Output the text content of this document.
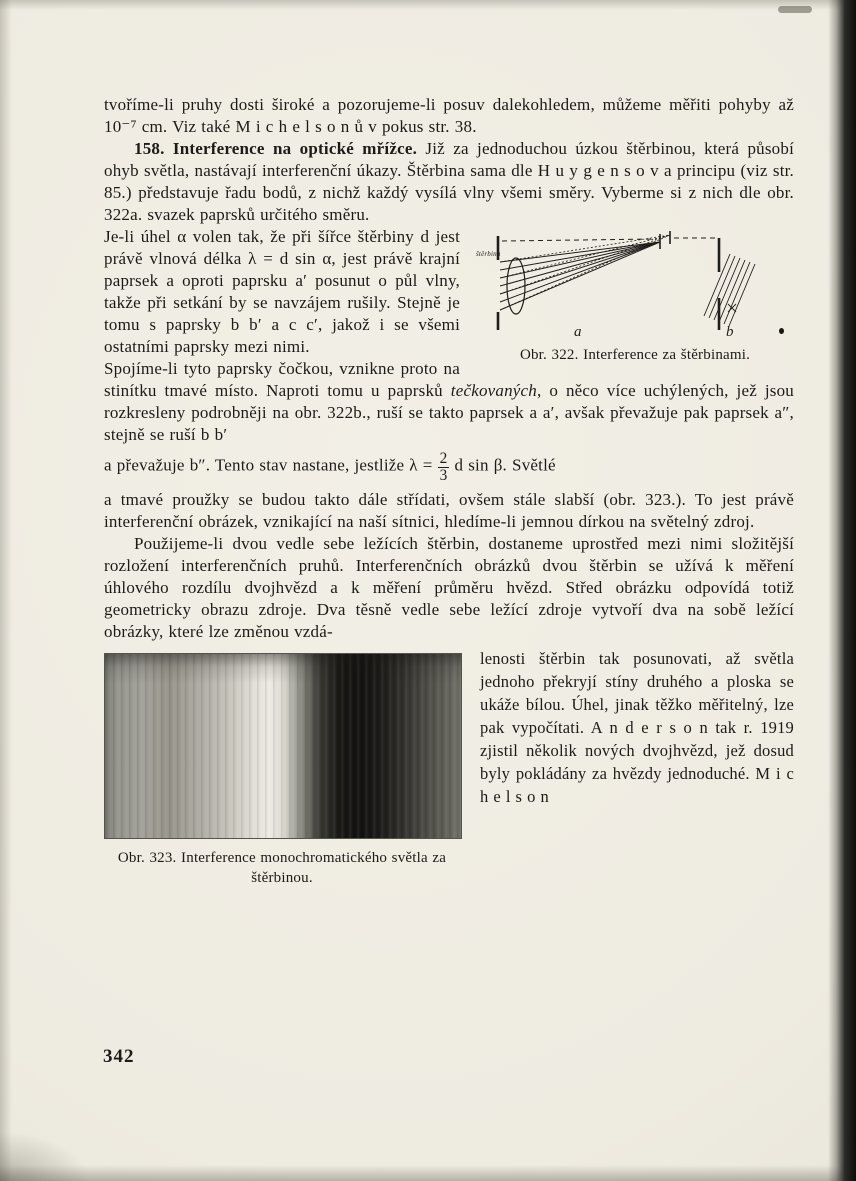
tvoříme-li pruhy dosti široké a pozorujeme-li posuv dalekohledem, můžeme měřiti pohyby až 10⁻⁷ cm. Viz také M i c h e l s o n ů v pokus str. 38.

158. Interference na optické mřížce. Již za jednoduchou úzkou štěrbinou, která působí ohyb světla, nastávají interferenční úkazy. Štěrbina sama dle H u y g e n s o v a principu (viz str. 85.) představuje řadu bodů, z nichž každý vysílá vlny všemi směry. Vyberme si z nich dle obr. 322a. svazek paprsků určitého směru.

štěrbina
a	b
Obr. 322. Interference za štěrbinami.

Je-li úhel α volen tak, že při šířce štěrbiny d jest právě vlnová délka λ = d sin α, jest právě krajní paprsek a oproti paprsku a′ posunut o půl vlny, takže při setkání by se navzájem rušily. Stejně je tomu s paprsky b b′ a c c′, jakož i se všemi ostatními paprsky mezi nimi.

Spojíme-li tyto paprsky čočkou, vznikne proto na stinítku tmavé místo. Naproti tomu u paprsků tečkovaných, o něco více uchýlených, jež jsou rozkresleny podrobněji na obr. 322b., ruší se takto paprsek a a′, avšak převažuje pak paprsek a″, stejně se ruší b b′

a převažuje b″. Tento stav nastane, jestliže $\lambda = \frac{2}{3}$ d sin β. Světlé

a tmavé proužky se budou takto dále střídati, ovšem stále slabší (obr. 323.). To jest právě interferenční obrázek, vznikající na naší sítnici, hledíme-li jemnou dírkou na světelný zdroj.

Použijeme-li dvou vedle sebe ležících štěrbin, dostaneme uprostřed mezi nimi složitější rozložení interferenčních pruhů. Interferenčních obrázků dvou štěrbin se užívá k měření úhlového rozdílu dvojhvězd a k měření průměru hvězd. Střed obrázku odpovídá totiž geometricky obrazu zdroje. Dva těsně vedle sebe ležící zdroje vytvoří dva na sobě ležící obrázky, které lze změnou vzdá-

Obr. 323. Interference monochromatického světla za štěrbinou.

lenosti štěrbin tak posunovati, až světla jednoho překryjí stíny druhého a ploska se ukáže bílou. Úhel, jinak těžko měřitelný, lze pak vypočítati. A n d e r s o n tak r. 1919 zjistil několik nových dvojhvězd, jež dosud byly pokládány za hvězdy jednoduché. M i c h e l s o n

342
